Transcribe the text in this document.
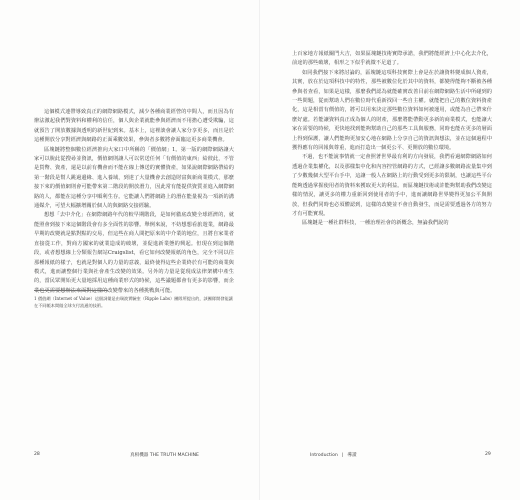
這個模式連帶導致真正的網際網路模式，減少各種商業經營的中間人，而且因為有辦法激起我們對資料和權利的信任，個人與企業就能參與經濟而不用擔心遭受欺騙，這就預告了開放數據與透明的新世紀到來。基本上，這裡談會讓人家分享更多，而且是於這種開放分享對經濟與網路的正面乘數效果，參與者多數將會面臨這更多商業機會。

區塊鏈將整個數位經濟推向大家口中所稱的「價值網」1。第一版的網際網路讓大家可以脫此從搜尋並資訊，價值網則讓人可以常送任何「有價值的東西」給彼此，不管是貨幣、資產，還是以前有機會而不能在線上傳送的實體資產，如果說網際網路帶給的第一階段是幫人跳過邊緣、進入養域，到達了大量機會去創造財富與新商業模式，那麼接下來的價值網則會可能帶來第二階段的開放潛力，因此常有能提供資質並進入網際網路的人，都能在這種分享中順利生存。它能讓人們將網路上的潛在能量視為一項新的溝通媒介，可望大幅擴增關於個人的與網路交接經驗。

想想「去中介化」在網際網路年代的較早期階段，是如何徹底改變全球經濟的，就能照會到接下來這個階段會有多全面性的影響。舉例來說，不妨想想看旅遊業，網路最早期的改變就是點對點的交易，但這些在商人間把原來的中介業的地位，且將自家業者直接從工作，對商方國家的就業造成的破壞，並促進新業態的興起。但現在到這個階段，或者想想線上分類報告網站Craigslist，看它如何改變報紙的角色，完全不同以往那種報紙的樣子，也就是對個人的力量的意義，最終使得這些企業終於有可能的商業與模式，進而讓整個行業與社會產生改變的效果。另外的力量是從現成法律架構中產生的，當民眾開始更大量地採用這種商業形式的時候，這些議題都會有更多的影響，而企業也更需要想辦法來面對這樣的改變帶來的各種挑戰與可能。

1 價值網（Internet of Value）這個詞彙是由瑞波實驗室（Ripple Labs）團隊所提出的，該團隊開發能讓在不同帳本間做全球支付流通的技術。
28	真相機器 THE TRUTH MACHINE

上百家地方報紙關門大吉，如果區塊鏈技術實際承諾，我們將能經濟上中心化去介化，前途的那些破壞，相形之下似乎就微不足道了。

如同我們接下來將討論的，區塊鏈這項科技實際上會是在於讓資料變成個人資產，其實，放在於這項科技中的特性，那些被數位化於其中的資料，都變得能夠不斷被各種參與者查看，如果是這樣，那麼我們認為就能確實改善目前在網際網路生活中所碰到的一些問題，從而幫助人們在數位時代重新找回一些自主權。就能把自己的數位資料資產化，這是相當有價值的，將可以用來決定那些數位資料如何被運用，或能為自己帶來什麼好處。若能讓資料真正成為個人的財產，那麼將能帶動更多新的商業模式，也能讓大家在需要的時候，更快地找到能夠幫助自己的那些工具與服務，同時也能在更多的層面上得到保護，讓人們能夠更加安心地在網路上分享自己的資訊與想法，並在這個過程中獲得應有的回報與尊重，進而打造出一個更公平、更開放的數位環境。

不過，也不能說事情就一定會照著世界最有利的方向發展，我們看過網際網路如何透過企業集權化，以及那樣集中化和內容控管網路的方式，已經讓多數網路流量集中到了少數幾個大型平台手中，這讓一般人在網路上的行動受到更多的限制，也讓這些平台能夠透過掌握使用者的資料來獲取更大的利益。而區塊鏈技術或許能夠幫助我們改變這樣的情況，讓更多的權力重新回到使用者的手中，進而讓網路世界變得更加公平與開放，但我們同時也必須體認到，這樣的改變並不會自動發生，而是需要透過各方的努力才有可能實現。

區塊鏈是一種社群科技，一種治理社會的新概念，無論我們說的

Introduction | 導讀	29
